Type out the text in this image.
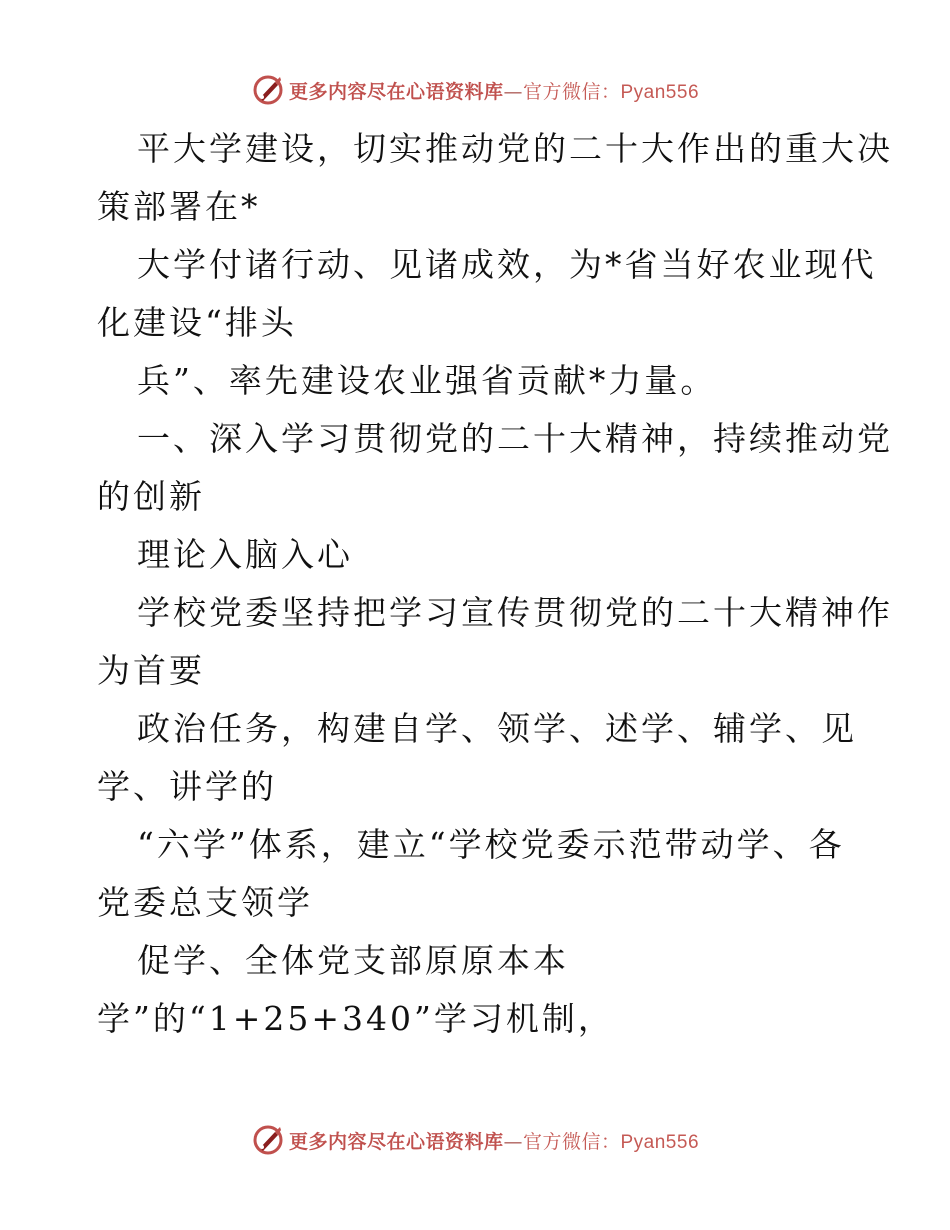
更多内容尽在心语资料库—官方微信：Pyan556
平大学建设，切实推动党的二十大作出的重大决
策部署在*
大学付诸行动、见诸成效，为*省当好农业现代
化建设“排头
兵”、率先建设农业强省贡献*力量。
一、深入学习贯彻党的二十大精神，持续推动党
的创新
理论入脑入心
学校党委坚持把学习宣传贯彻党的二十大精神作
为首要
政治任务，构建自学、领学、述学、辅学、见
学、讲学的
“六学”体系，建立“学校党委示范带动学、各
党委总支领学
促学、全体党支部原原本本
学”的“1+25+340”学习机制，
更多内容尽在心语资料库—官方微信：Pyan556
